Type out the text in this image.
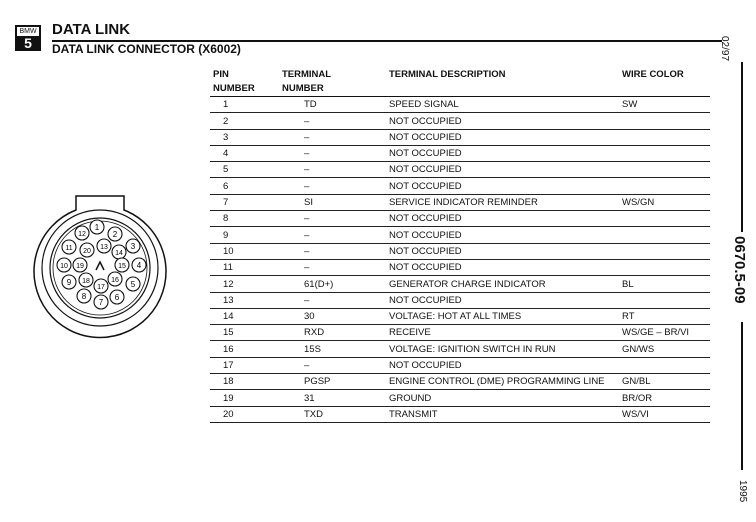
BMW
5
DATA LINK
DATA LINK CONNECTOR (X6002)	02/97
0670.5-09
1995
1
2
3
4
5
6
7
8
9
10
11
12
13
14
15
16
17
18
19
20
PIN
NUMBER	TERMINAL
NUMBER	TERMINAL DESCRIPTION	WIRE COLOR
1	TD	SPEED SIGNAL	SW
2	–	NOT OCCUPIED	
3	–	NOT OCCUPIED	
4	–	NOT OCCUPIED	
5	–	NOT OCCUPIED	
6	–	NOT OCCUPIED	
7	SI	SERVICE INDICATOR REMINDER	WS/GN
8	–	NOT OCCUPIED	
9	–	NOT OCCUPIED	
10	–	NOT OCCUPIED	
11	–	NOT OCCUPIED	
12	61(D+)	GENERATOR CHARGE INDICATOR	BL
13	–	NOT OCCUPIED	
14	30	VOLTAGE: HOT AT ALL TIMES	RT
15	RXD	RECEIVE	WS/GE – BR/VI
16	15S	VOLTAGE: IGNITION SWITCH IN RUN	GN/WS
17	–	NOT OCCUPIED	
18	PGSP	ENGINE CONTROL (DME) PROGRAMMING LINE	GN/BL
19	31	GROUND	BR/OR
20	TXD	TRANSMIT	WS/VI
